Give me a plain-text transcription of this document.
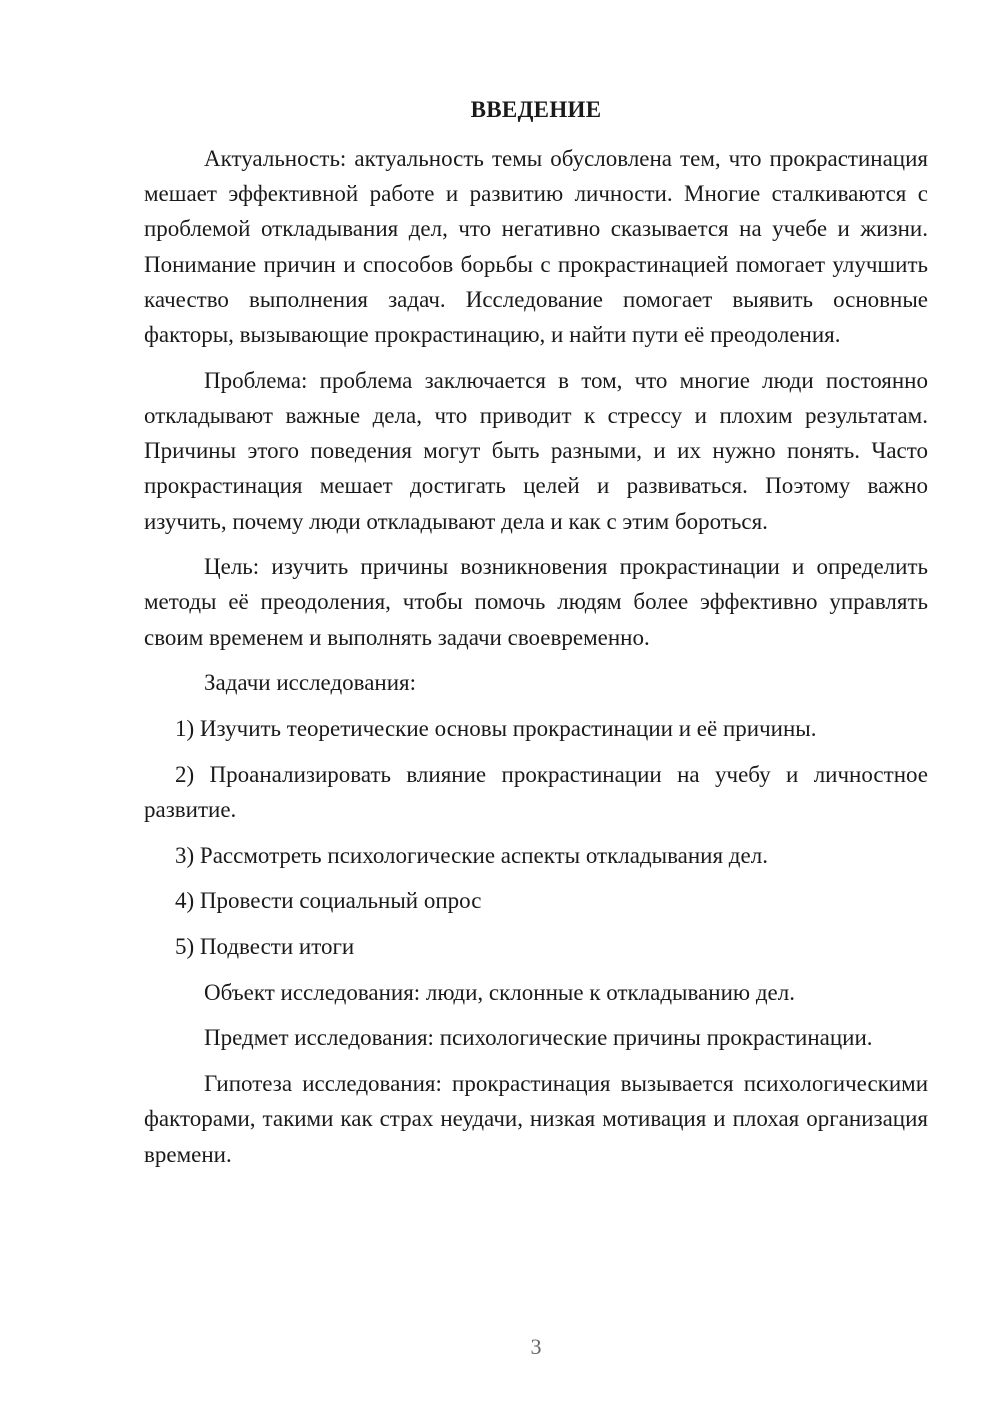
ВВЕДЕНИЕ

Актуальность: актуальность темы обусловлена тем, что прокрастинация мешает эффективной работе и развитию личности. Многие сталкиваются с проблемой откладывания дел, что негативно сказывается на учебе и жизни. Понимание причин и способов борьбы с прокрастинацией помогает улучшить качество выполнения задач. Исследование помогает выявить основные факторы, вызывающие прокрастинацию, и найти пути её преодоления.

Проблема: проблема заключается в том, что многие люди постоянно откладывают важные дела, что приводит к стрессу и плохим результатам. Причины этого поведения могут быть разными, и их нужно понять. Часто прокрастинация мешает достигать целей и развиваться. Поэтому важно изучить, почему люди откладывают дела и как с этим бороться.

Цель: изучить причины возникновения прокрастинации и определить методы её преодоления, чтобы помочь людям более эффективно управлять своим временем и выполнять задачи своевременно.

Задачи исследования:

1) Изучить теоретические основы прокрастинации и её причины.

2) Проанализировать влияние прокрастинации на учебу и личностное развитие.

3) Рассмотреть психологические аспекты откладывания дел.

4) Провести социальный опрос

5) Подвести итоги

Объект исследования: люди, склонные к откладыванию дел.

Предмет исследования: психологические причины прокрастинации.

Гипотеза исследования: прокрастинация вызывается психологическими факторами, такими как страх неудачи, низкая мотивация и плохая организация времени.

3
